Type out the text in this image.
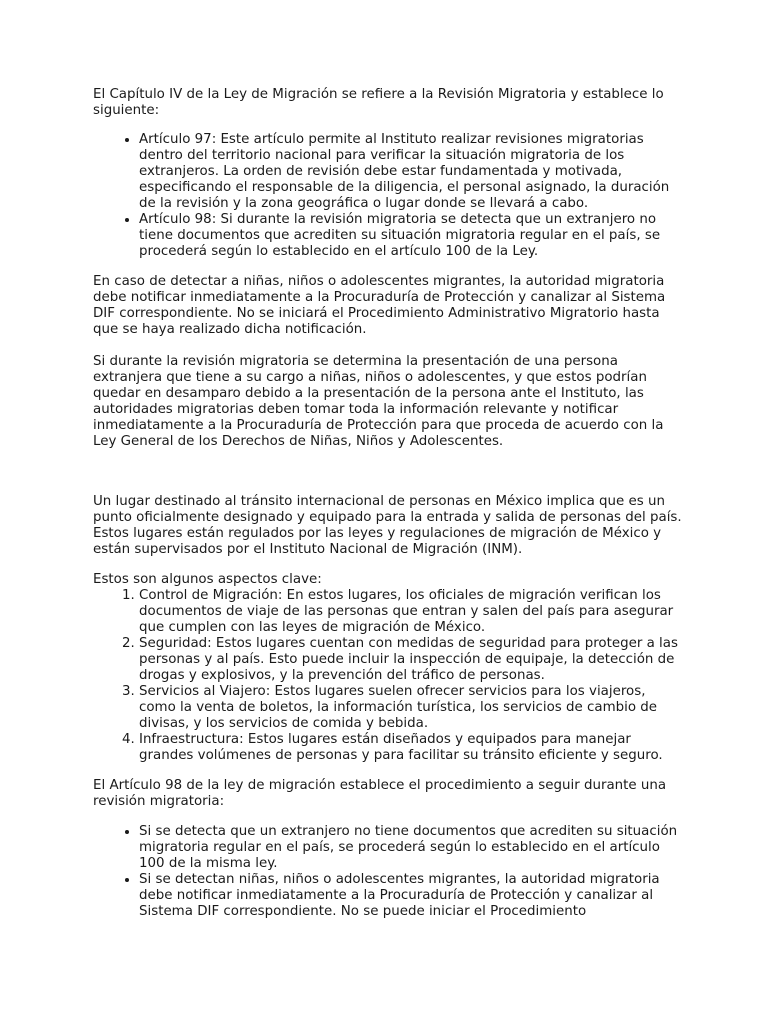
El Capítulo IV de la Ley de Migración se refiere a la Revisión Migratoria y establece lo siguiente:

• Artículo 97: Este artículo permite al Instituto realizar revisiones migratorias dentro del territorio nacional para verificar la situación migratoria de los extranjeros. La orden de revisión debe estar fundamentada y motivada, especificando el responsable de la diligencia, el personal asignado, la duración de la revisión y la zona geográfica o lugar donde se llevará a cabo.
• Artículo 98: Si durante la revisión migratoria se detecta que un extranjero no tiene documentos que acrediten su situación migratoria regular en el país, se procederá según lo establecido en el artículo 100 de la Ley.

En caso de detectar a niñas, niños o adolescentes migrantes, la autoridad migratoria debe notificar inmediatamente a la Procuraduría de Protección y canalizar al Sistema DIF correspondiente. No se iniciará el Procedimiento Administrativo Migratorio hasta que se haya realizado dicha notificación.

Si durante la revisión migratoria se determina la presentación de una persona extranjera que tiene a su cargo a niñas, niños o adolescentes, y que estos podrían quedar en desamparo debido a la presentación de la persona ante el Instituto, las autoridades migratorias deben tomar toda la información relevante y notificar inmediatamente a la Procuraduría de Protección para que proceda de acuerdo con la Ley General de los Derechos de Niñas, Niños y Adolescentes.

Un lugar destinado al tránsito internacional de personas en México implica que es un punto oficialmente designado y equipado para la entrada y salida de personas del país. Estos lugares están regulados por las leyes y regulaciones de migración de México y están supervisados por el Instituto Nacional de Migración (INM).

Estos son algunos aspectos clave:

1. Control de Migración: En estos lugares, los oficiales de migración verifican los documentos de viaje de las personas que entran y salen del país para asegurar que cumplen con las leyes de migración de México.
2. Seguridad: Estos lugares cuentan con medidas de seguridad para proteger a las personas y al país. Esto puede incluir la inspección de equipaje, la detección de drogas y explosivos, y la prevención del tráfico de personas.
3. Servicios al Viajero: Estos lugares suelen ofrecer servicios para los viajeros, como la venta de boletos, la información turística, los servicios de cambio de divisas, y los servicios de comida y bebida.
4. Infraestructura: Estos lugares están diseñados y equipados para manejar grandes volúmenes de personas y para facilitar su tránsito eficiente y seguro.

El Artículo 98 de la ley de migración establece el procedimiento a seguir durante una revisión migratoria:

• Si se detecta que un extranjero no tiene documentos que acrediten su situación migratoria regular en el país, se procederá según lo establecido en el artículo 100 de la misma ley.
• Si se detectan niñas, niños o adolescentes migrantes, la autoridad migratoria debe notificar inmediatamente a la Procuraduría de Protección y canalizar al Sistema DIF correspondiente. No se puede iniciar el Procedimiento
